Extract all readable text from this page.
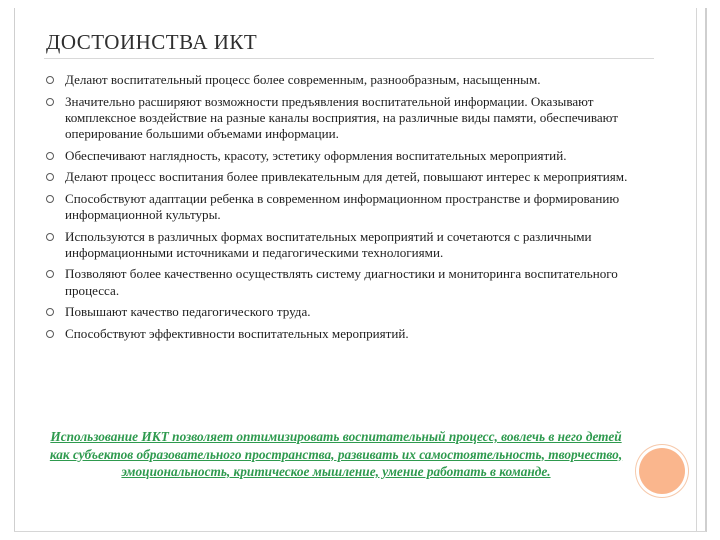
ДОСТОИНСТВА ИКТ
Делают воспитательный процесс более современным, разнообразным, насыщенным.
Значительно расширяют возможности предъявления воспитательной информации. Оказывают комплексное воздействие на разные каналы восприятия, на различные виды памяти, обеспечивают оперирование большими объемами информации.
Обеспечивают наглядность, красоту, эстетику оформления воспитательных мероприятий.
Делают процесс воспитания более привлекательным для детей, повышают интерес к мероприятиям.
Способствуют адаптации ребенка в современном информационном пространстве и формированию информационной культуры.
Используются в различных формах воспитательных мероприятий и сочетаются с различными информационными источниками и педагогическими технологиями.
Позволяют более качественно осуществлять систему диагностики и мониторинга воспитательного процесса.
Повышают качество педагогического труда.
Способствуют эффективности воспитательных мероприятий.
Использование ИКТ позволяет оптимизировать воспитательный процесс, вовлечь в него детей как субъектов образовательного пространства, развивать их самостоятельность, творчество, эмоциональность, критическое мышление, умение работать в команде.
